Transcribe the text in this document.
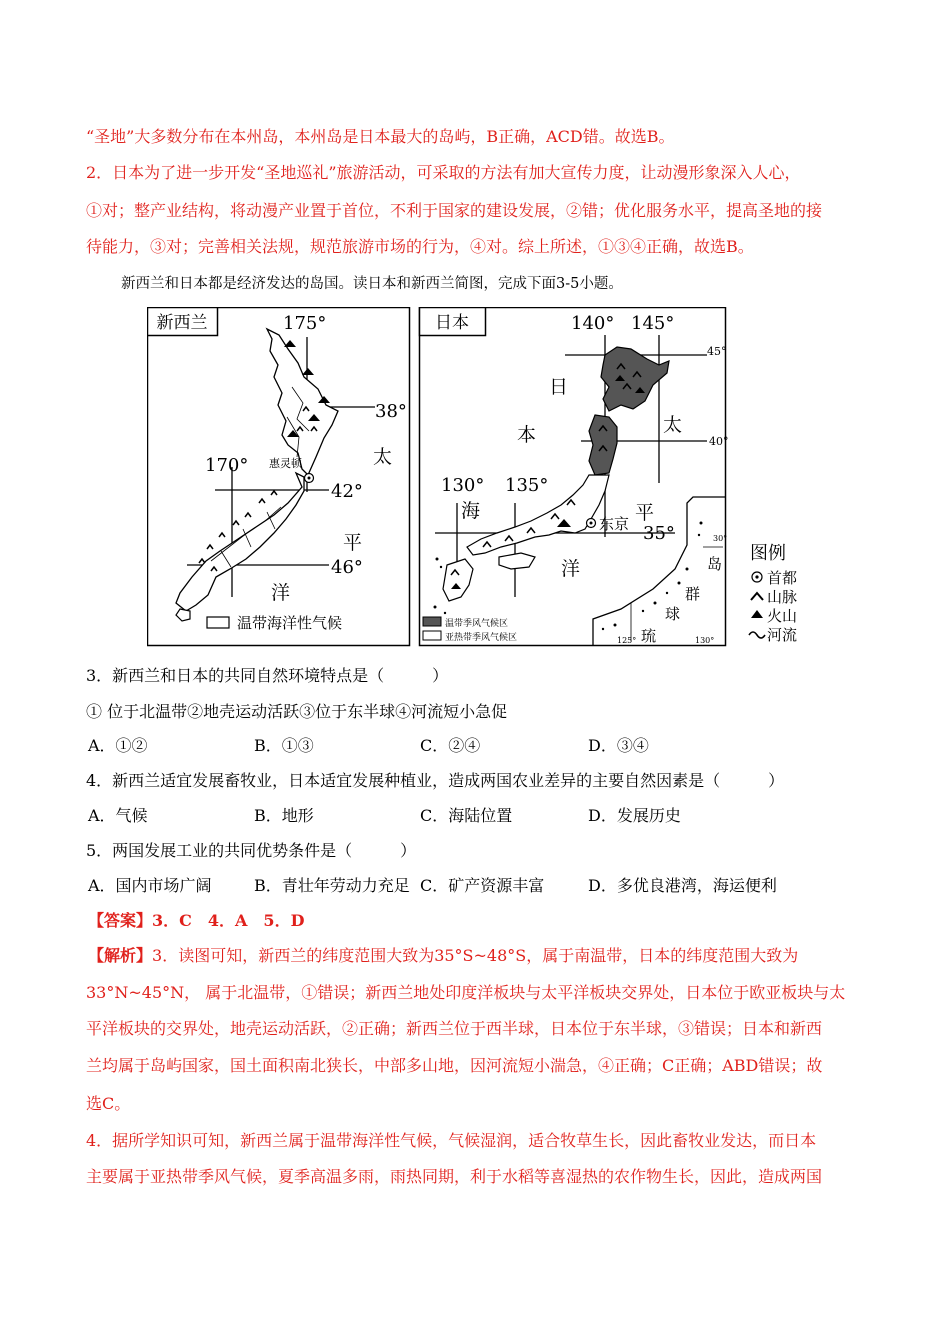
“圣地”大多数分布在本州岛，本州岛是日本最大的岛屿，B正确，ACD错。故选B。
2．日本为了进一步开发“圣地巡礼”旅游活动，可采取的方法有加大宣传力度，让动漫形象深入人心，
①对；整产业结构，将动漫产业置于首位，不利于国家的建设发展，②错；优化服务水平，提高圣地的接
待能力，③对；完善相关法规，规范旅游市场的行为，④对。综上所述，①③④正确，故选B。
新西兰和日本都是经济发达的岛国。读日本和新西兰简图，完成下面3-5小题。
新西兰
惠灵顿
175°
170°
38°
42°
46°
太
平
洋
温带海洋性气候
日本
东京
140° 145°
130° 135°
45°
40°
35°
日
本
海
太
平
洋	岛
群
球
琉
30°
125°	130°
温带季风气候区
亚热带季风气候区
图例
首都
山脉
火山
河流
3．新西兰和日本的共同自然环境特点是（　　　）
① 位于北温带②地壳运动活跃③位于东半球④河流短小急促
A．①②	B．①③	C．②④	D．③④
4．新西兰适宜发展畜牧业，日本适宜发展种植业，造成两国农业差异的主要自然因素是（　　　）
A．气候	B．地形	C．海陆位置	D．发展历史
5．两国发展工业的共同优势条件是（　　　）
A．国内市场广阔	B．青壮年劳动力充足 C．矿产资源丰富	D．多优良港湾，海运便利
【答案】3．C　4．A　5．D
【解析】3．读图可知，新西兰的纬度范围大致为35°S~48°S，属于南温带，日本的纬度范围大致为
33°N~45°N， 属于北温带，①错误；新西兰地处印度洋板块与太平洋板块交界处，日本位于欧亚板块与太
平洋板块的交界处，地壳运动活跃，②正确；新西兰位于西半球，日本位于东半球，③错误；日本和新西
兰均属于岛屿国家，国土面积南北狭长，中部多山地，因河流短小湍急，④正确；C正确；ABD错误；故
选C。
4．据所学知识可知，新西兰属于温带海洋性气候，气候湿润，适合牧草生长，因此畜牧业发达，而日本
主要属于亚热带季风气候，夏季高温多雨，雨热同期，利于水稻等喜湿热的农作物生长，因此，造成两国
